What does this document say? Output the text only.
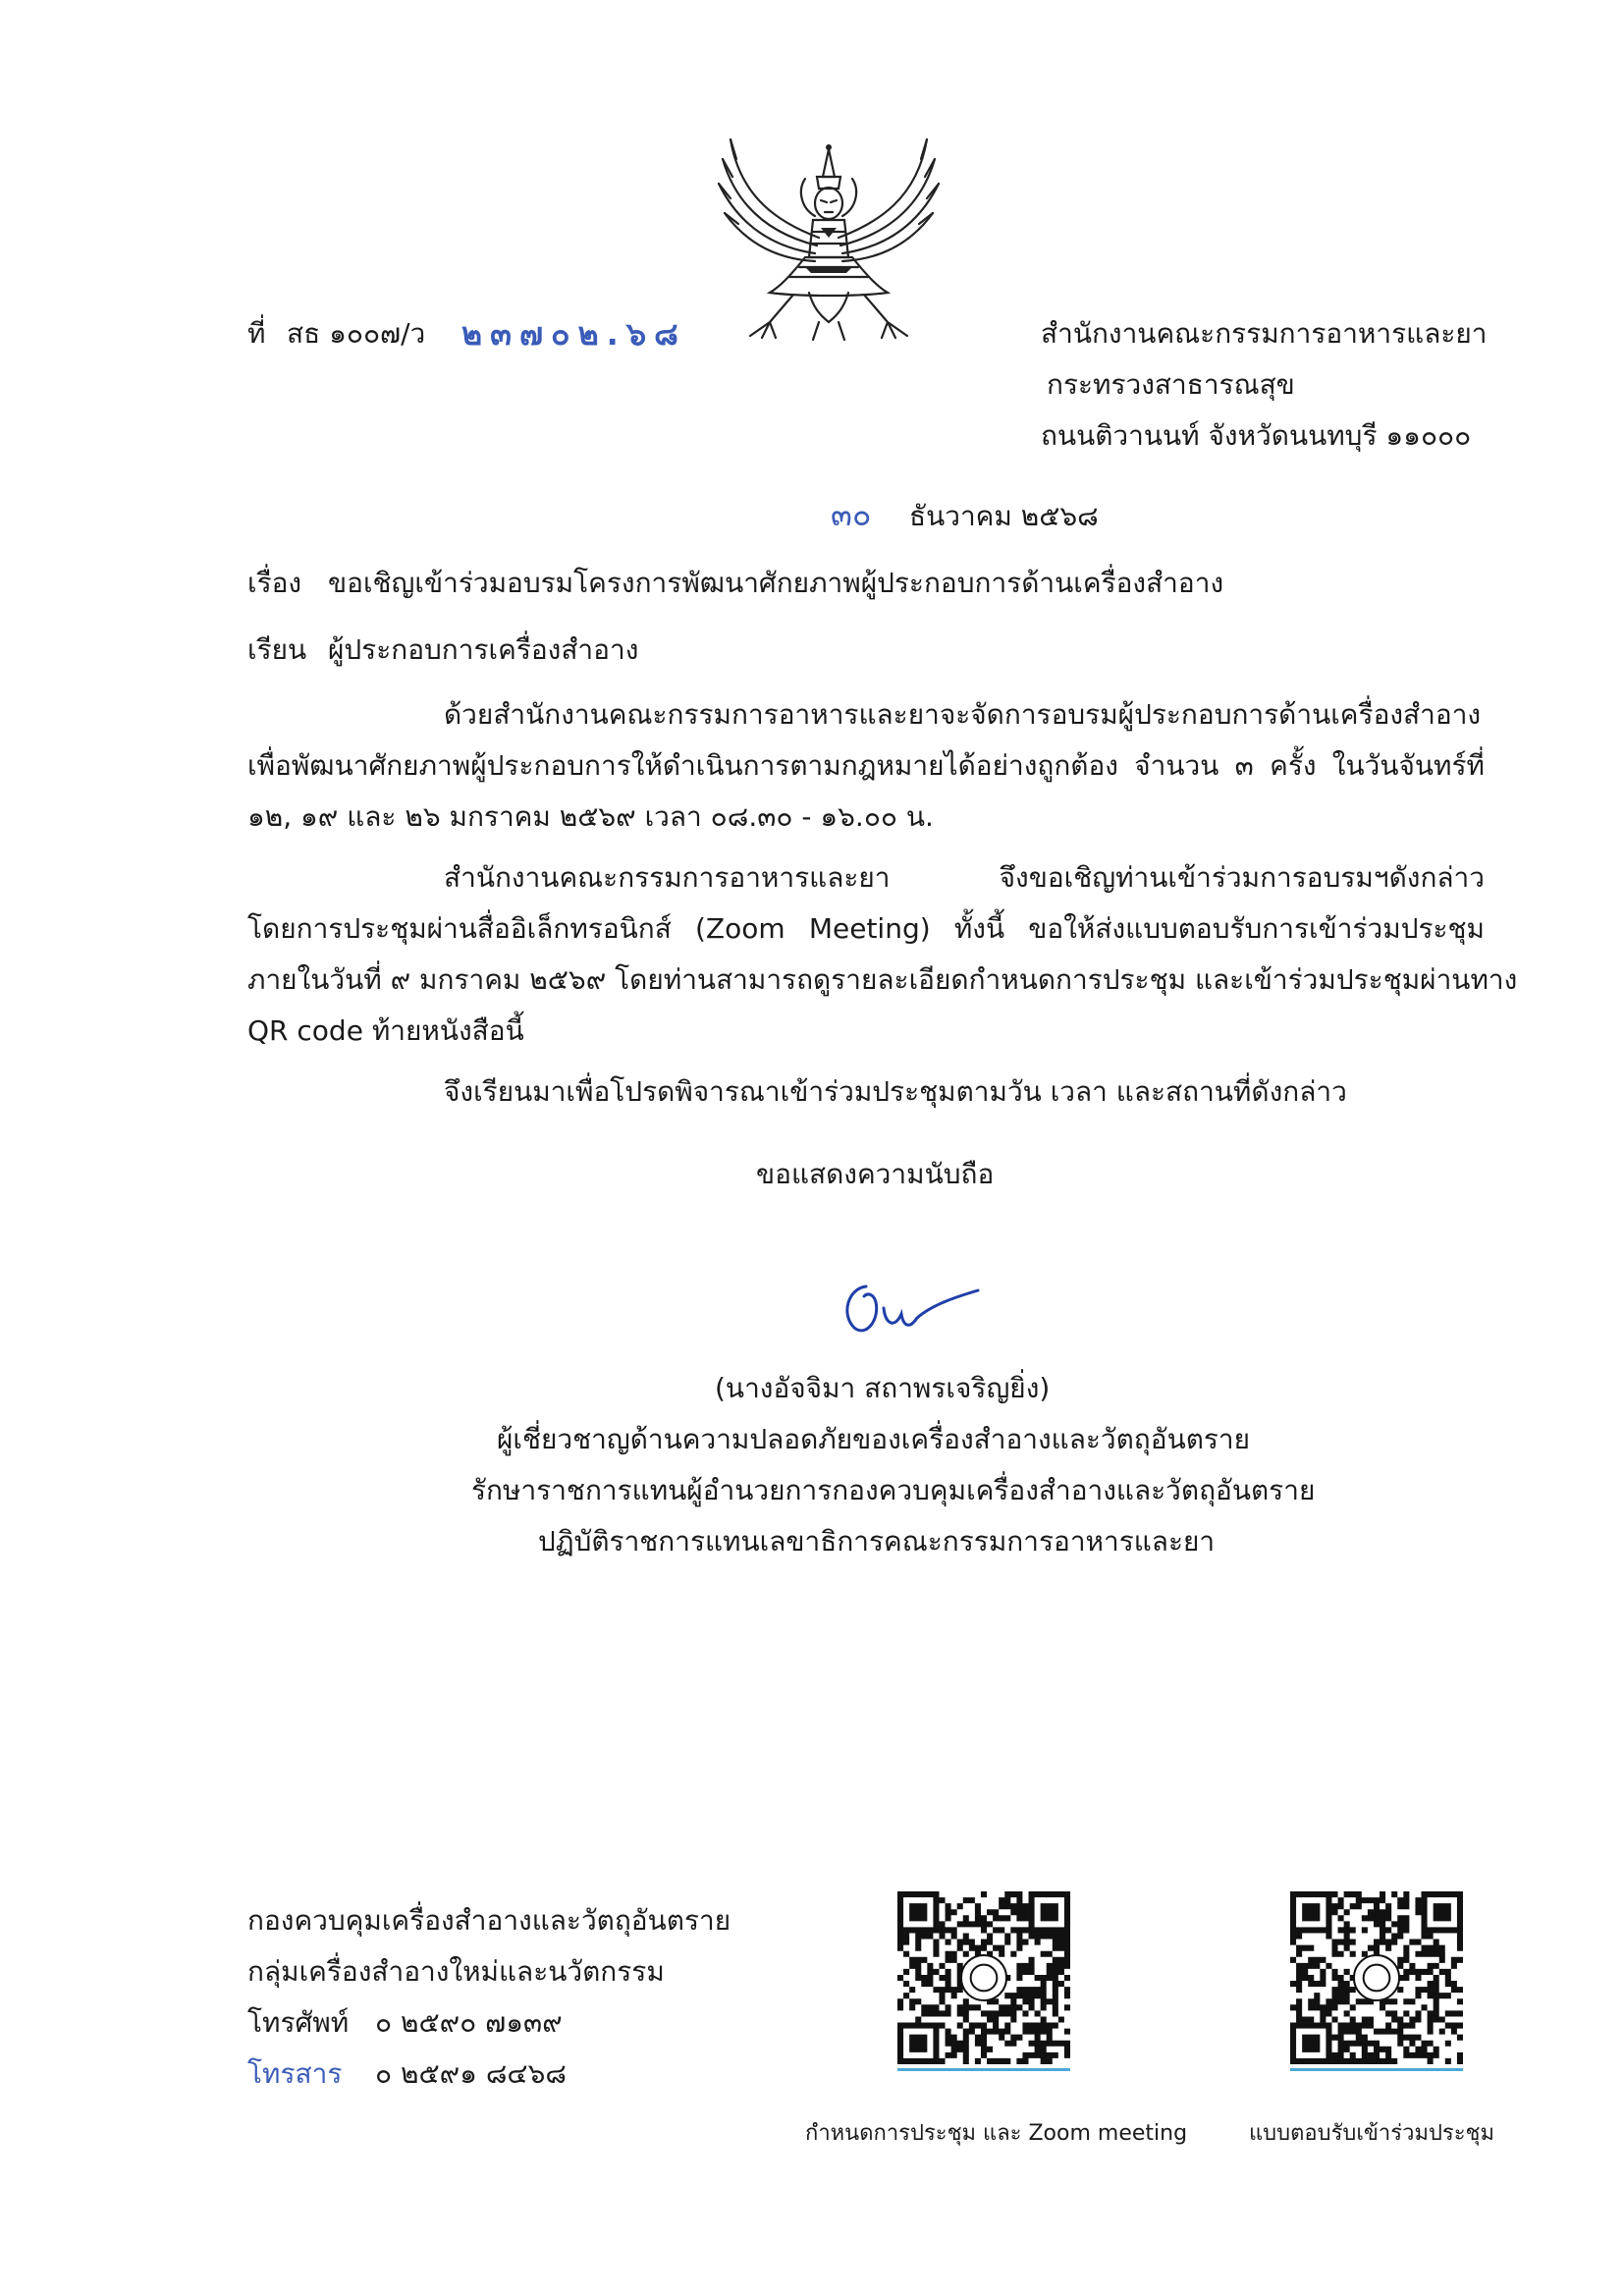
ที่ สธ ๑๐๐๗/ว ๒๓๗๐๒.๖๘	สำนักงานคณะกรรมการอาหารและยา
กระทรวงสาธารณสุข
ถนนติวานนท์ จังหวัดนนทบุรี ๑๑๐๐๐
๓๐ ธันวาคม ๒๕๖๘
เรื่อง ขอเชิญเข้าร่วมอบรมโครงการพัฒนาศักยภาพผู้ประกอบการด้านเครื่องสำอาง
เรียน ผู้ประกอบการเครื่องสำอาง
ด้วยสำนักงานคณะกรรมการอาหารและยาจะจัดการอบรมผู้ประกอบการด้านเครื่องสำอาง
เพื่อพัฒนาศักยภาพผู้ประกอบการให้ดำเนินการตามกฎหมายได้อย่างถูกต้อง จำนวน ๓ ครั้ง ในวันจันทร์ที่
๑๒, ๑๙ และ ๒๖ มกราคม ๒๕๖๙ เวลา ๐๘.๓๐ - ๑๖.๐๐ น.
สำนักงานคณะกรรมการอาหารและยา จึงขอเชิญท่านเข้าร่วมการอบรมฯดังกล่าว
โดยการประชุมผ่านสื่ออิเล็กทรอนิกส์ (Zoom Meeting) ทั้งนี้ ขอให้ส่งแบบตอบรับการเข้าร่วมประชุม
ภายในวันที่ ๙ มกราคม ๒๕๖๙ โดยท่านสามารถดูรายละเอียดกำหนดการประชุม และเข้าร่วมประชุมผ่านทาง
QR code ท้ายหนังสือนี้
จึงเรียนมาเพื่อโปรดพิจารณาเข้าร่วมประชุมตามวัน เวลา และสถานที่ดังกล่าว
ขอแสดงความนับถือ
(นางอัจจิมา สถาพรเจริญยิ่ง)
ผู้เชี่ยวชาญด้านความปลอดภัยของเครื่องสำอางและวัตถุอันตราย
รักษาราชการแทนผู้อำนวยการกองควบคุมเครื่องสำอางและวัตถุอันตราย
ปฏิบัติราชการแทนเลขาธิการคณะกรรมการอาหารและยา
กองควบคุมเครื่องสำอางและวัตถุอันตราย
กลุ่มเครื่องสำอางใหม่และนวัตกรรม
โทรศัพท์ ๐ ๒๕๙๐ ๗๑๓๙
โทรสาร ๐ ๒๕๙๑ ๘๔๖๘
กำหนดการประชุม และ Zoom meeting	แบบตอบรับเข้าร่วมประชุม
